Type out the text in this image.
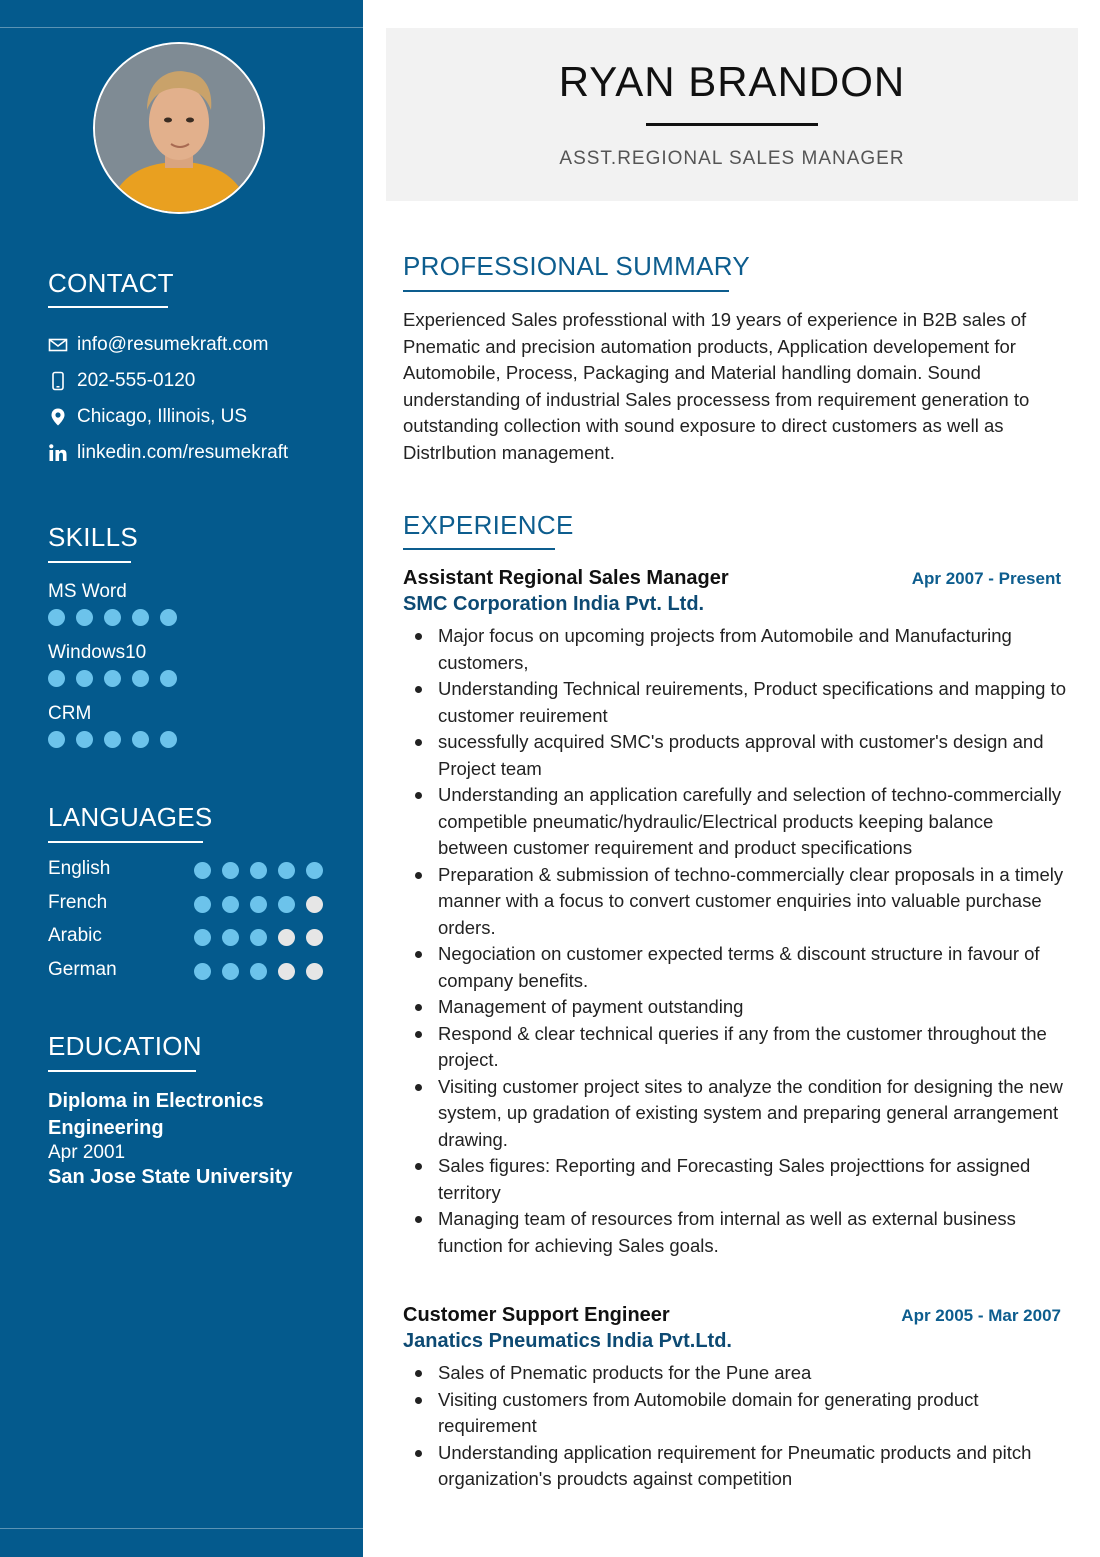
CONTACT
info@resumekraft.com
202-555-0120
Chicago, Illinois, US
linkedin.com/resumekraft
SKILLS
MS Word
Windows10
CRM
LANGUAGES
English
French
Arabic
German
EDUCATION
Diploma in Electronics Engineering
Apr 2001
San Jose State University
RYAN BRANDON
ASST.REGIONAL SALES MANAGER
PROFESSIONAL SUMMARY

Experienced Sales professtional with 19 years of experience in B2B sales of Pnematic and precision automation products, Application developement for Automobile, Process, Packaging and Material handling domain. Sound understanding of industrial Sales processess from requirement generation to outstanding collection with sound exposure to direct customers as well as DistrIbution management.

EXPERIENCE
Assistant Regional Sales Manager	Apr 2007 - Present
SMC Corporation India Pvt. Ltd.
Major focus on upcoming projects from Automobile and Manufacturing customers,
Understanding Technical reuirements, Product specifications and mapping to customer reuirement
sucessfully acquired SMC's products approval with customer's design and Project team
Understanding an application carefully and selection of techno-commercially competible pneumatic/hydraulic/Electrical products keeping balance between customer requirement and product specifications
Preparation & submission of techno-commercially clear proposals in a timely manner with a focus to convert customer enquiries into valuable purchase orders.
Negociation on customer expected terms & discount structure in favour of company benefits.
Management of payment outstanding
Respond & clear technical queries if any from the customer throughout the project.
Visiting customer project sites to analyze the condition for designing the new system, up gradation of existing system and preparing general arrangement drawing.
Sales figures: Reporting and Forecasting Sales projecttions for assigned territory
Managing team of resources from internal as well as external business function for achieving Sales goals.
Customer Support Engineer	Apr 2005 - Mar 2007
Janatics Pneumatics India Pvt.Ltd.
Sales of Pnematic products for the Pune area
Visiting customers from Automobile domain for generating product requirement
Understanding application requirement for Pneumatic products and pitch organization's proudcts against competition
